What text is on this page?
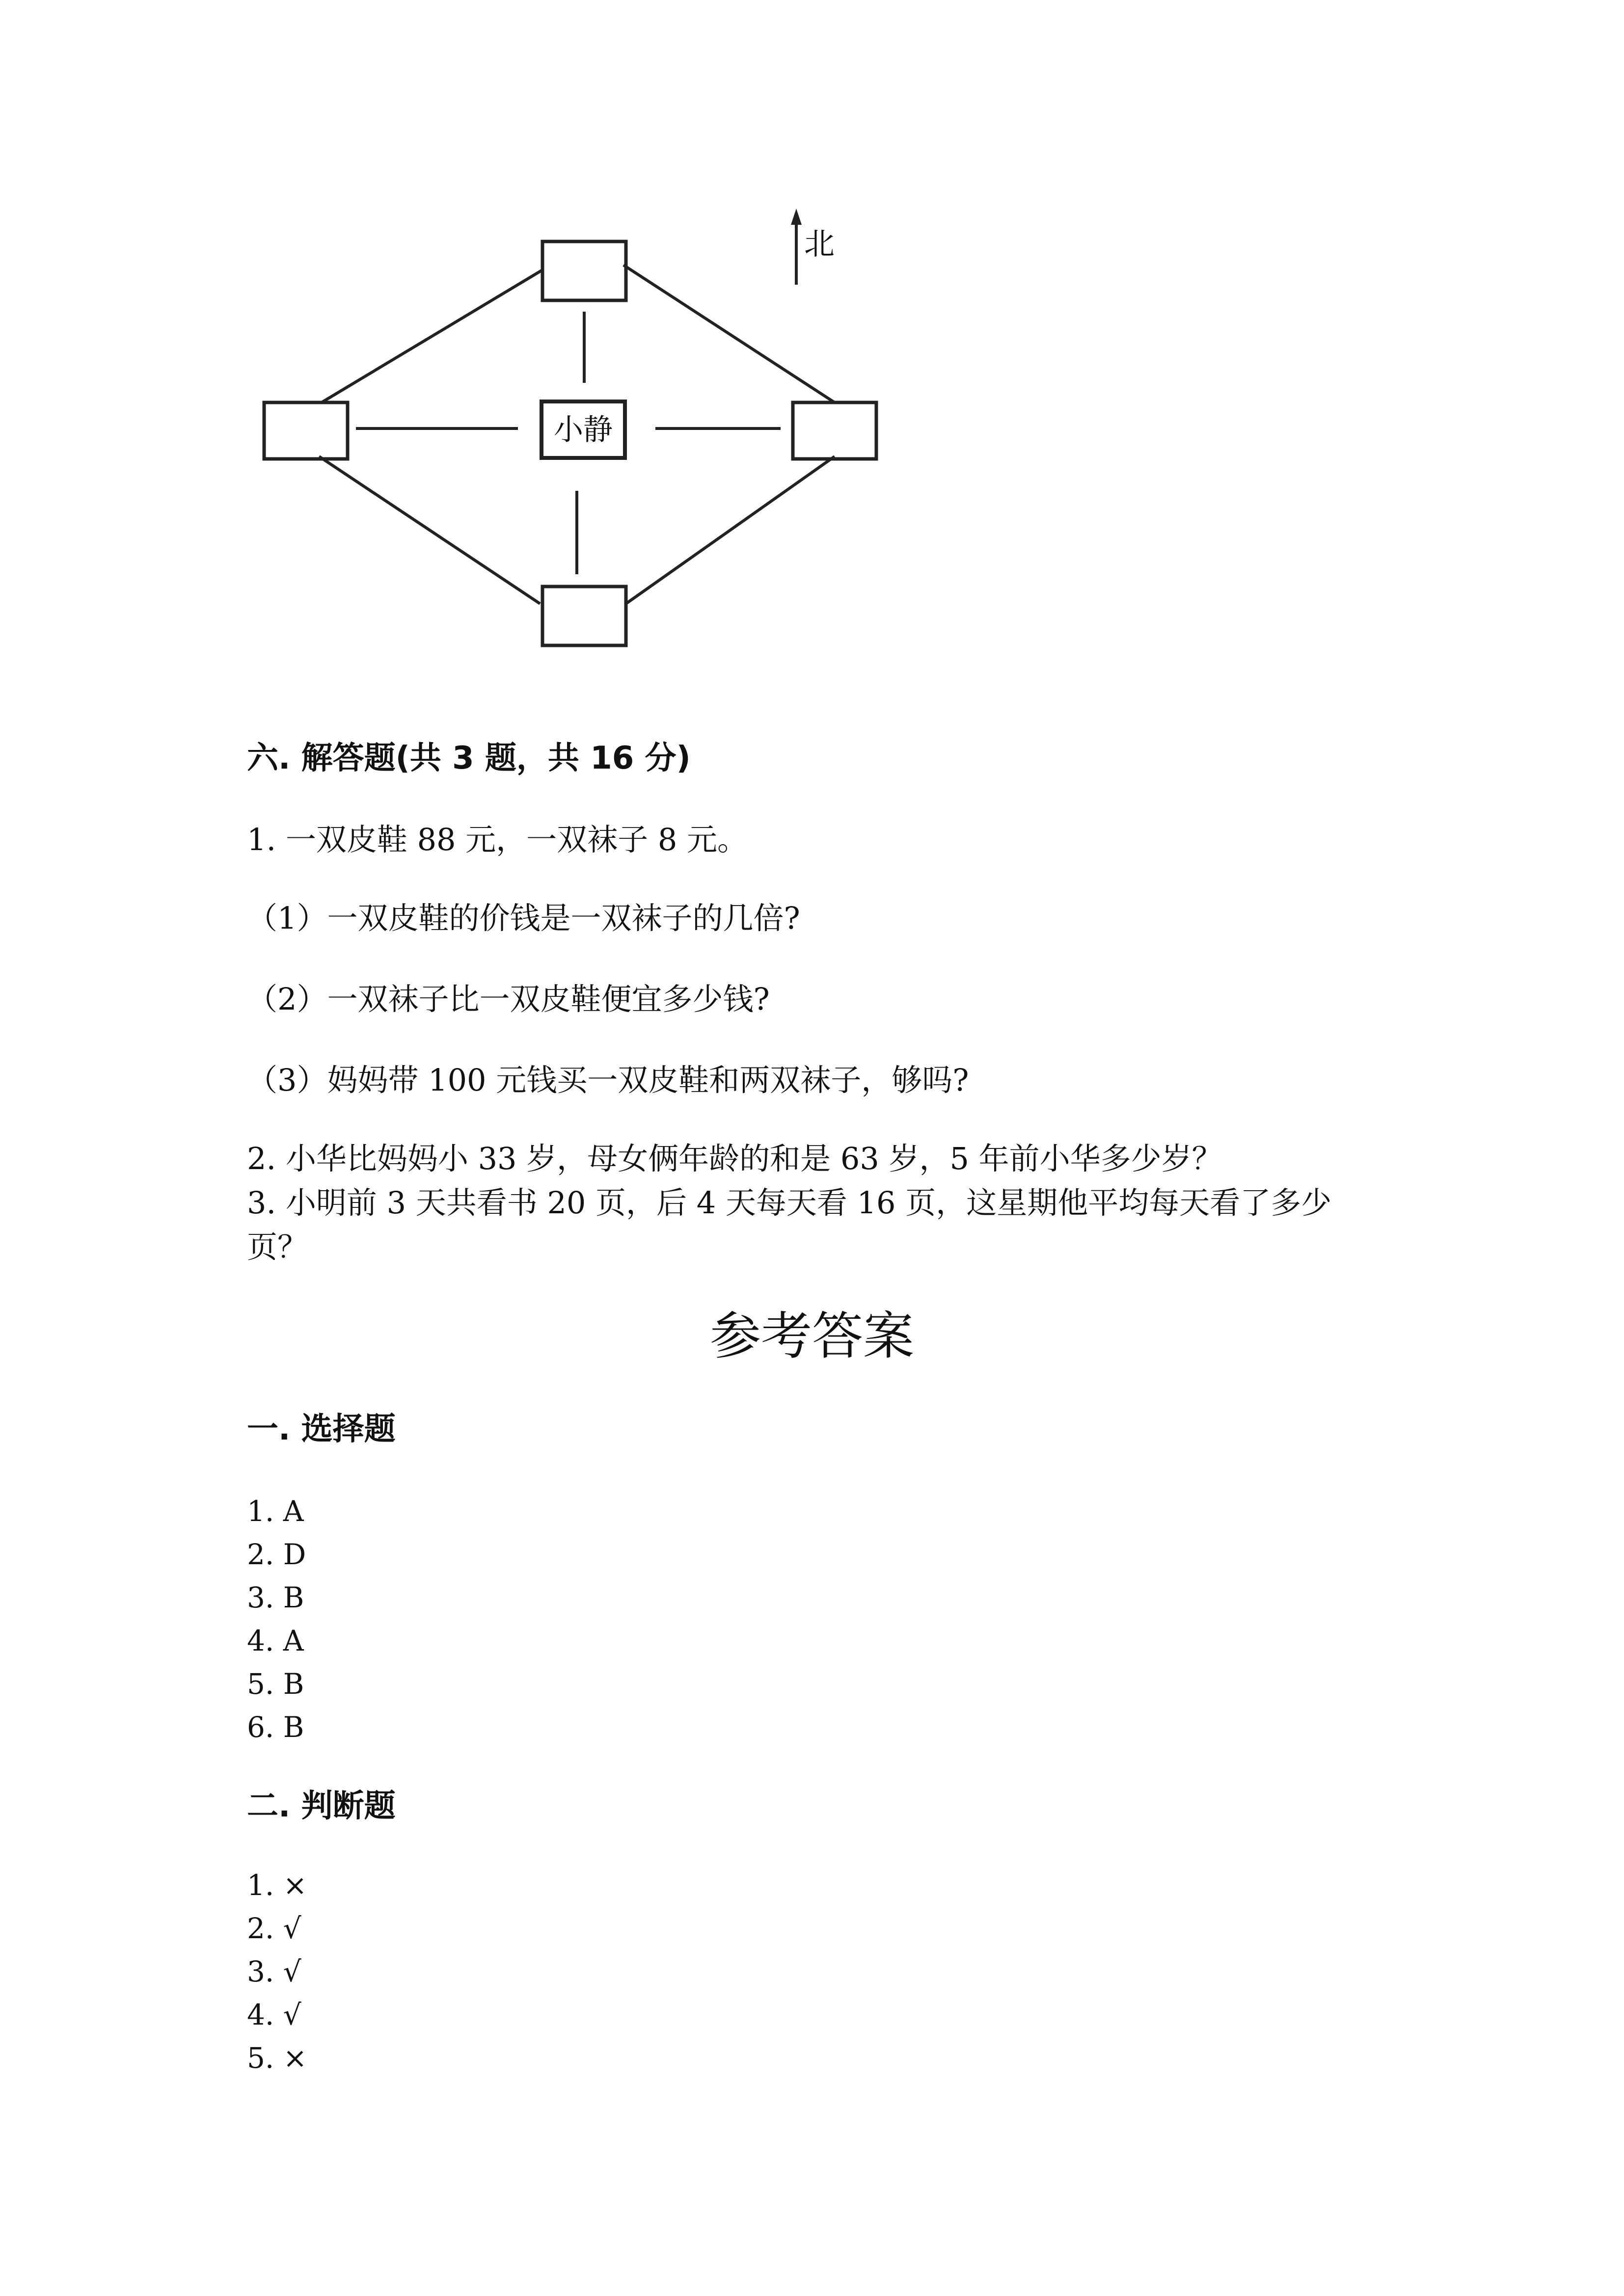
北
小静
六. 解答题(共 3 题，共 16 分)
1. 一双皮鞋 88 元，一双袜子 8 元。
（1）一双皮鞋的价钱是一双袜子的几倍?
（2）一双袜子比一双皮鞋便宜多少钱?
（3）妈妈带 100 元钱买一双皮鞋和两双袜子，够吗?
2. 小华比妈妈小 33 岁，母女俩年龄的和是 63 岁，5 年前小华多少岁？
3. 小明前 3 天共看书 20 页，后 4 天每天看 16 页，这星期他平均每天看了多少
页？
参考答案
一. 选择题
1. A
2. D
3. B
4. A
5. B
6. B
二. 判断题
1. ×
2. √
3. √
4. √
5. ×
